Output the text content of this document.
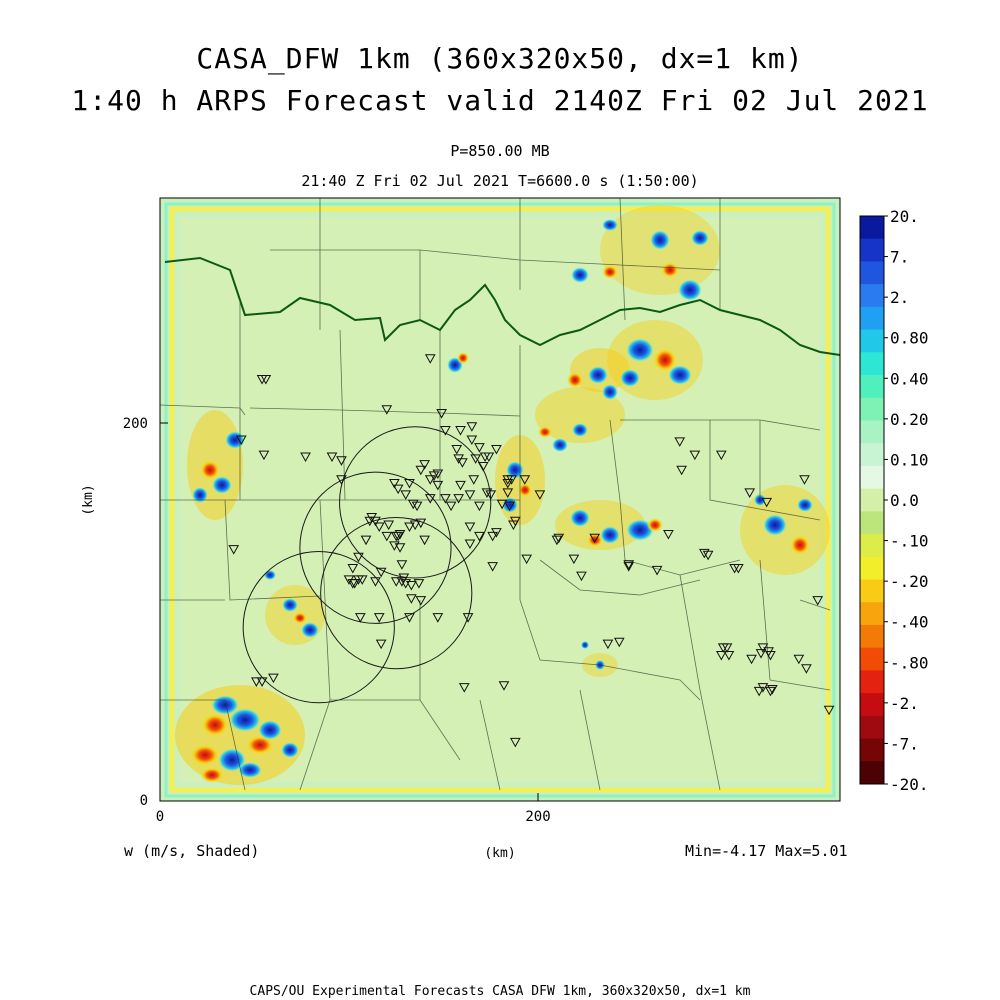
CASA_DFW 1km (360x320x50, dx=1 km)
1:40 h ARPS Forecast valid 2140Z Fri 02 Jul 2021
P=850.00 MB
21:40 Z Fri 02 Jul 2021 T=6600.0 s (1:50:00)
0
200
0	200
(km)
(km)
w (m/s, Shaded)	Min=-4.17 Max=5.01
20.
7.
2.
0.80
0.40
0.20
0.10
0.0
-.10
-.20
-.40
-.80
-2.
-7.
-20.
CAPS/OU Experimental Forecasts CASA DFW 1km, 360x320x50, dx=1 km
